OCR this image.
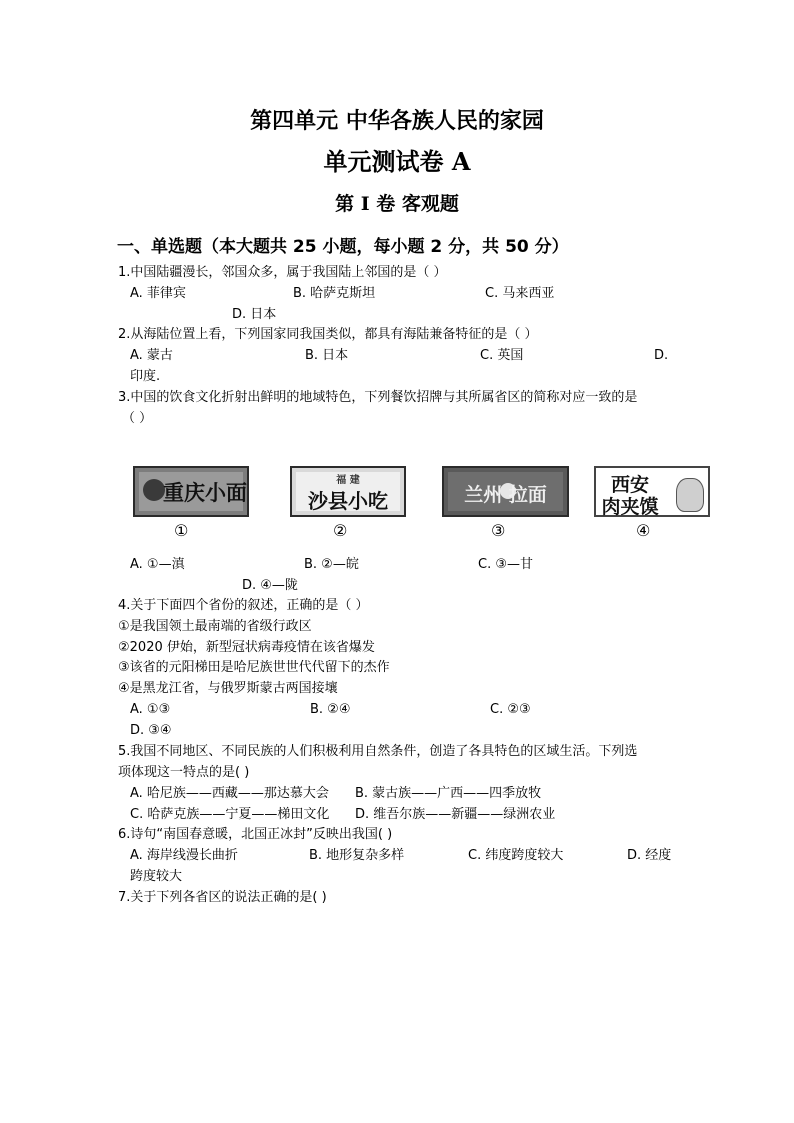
第四单元 中华各族人民的家园
单元测试卷 A
第 I 卷 客观题
一、单选题（本大题共 25 小题，每小题 2 分，共 50 分）
1.中国陆疆漫长，邻国众多，属于我国陆上邻国的是（ ）
A. 菲律宾	B. 哈萨克斯坦	C. 马来西亚
D. 日本
2.从海陆位置上看，下列国家同我国类似，都具有海陆兼备特征的是（ ）
A. 蒙古	B. 日本	C. 英国	D.
印度.
3.中国的饮食文化折射出鲜明的地域特色，下列餐饮招牌与其所属省区的简称对应一致的是
（ ）
重庆小面	福 建
沙县小吃	兰州 拉面	西安
肉夹馍
①	②	③	④
A. ①—滇	B. ②—皖	C. ③—甘
D. ④—陇
4.关于下面四个省份的叙述，正确的是（ ）
①是我国领土最南端的省级行政区
②2020 伊始，新型冠状病毒疫情在该省爆发
③该省的元阳梯田是哈尼族世世代代留下的杰作
④是黑龙江省，与俄罗斯蒙古两国接壤
A. ①③	B. ②④	C. ②③
D. ③④
5.我国不同地区、不同民族的人们积极利用自然条件，创造了各具特色的区域生活。下列选
项体现这一特点的是( )
A. 哈尼族——西藏——那达慕大会 B. 蒙古族——广西——四季放牧
C. 哈萨克族——宁夏——梯田文化 D. 维吾尔族——新疆——绿洲农业
6.诗句“南国春意暖，北国正冰封”反映出我国( )
A. 海岸线漫长曲折	B. 地形复杂多样	C. 纬度跨度较大	D. 经度
跨度较大
7.关于下列各省区的说法正确的是( )
